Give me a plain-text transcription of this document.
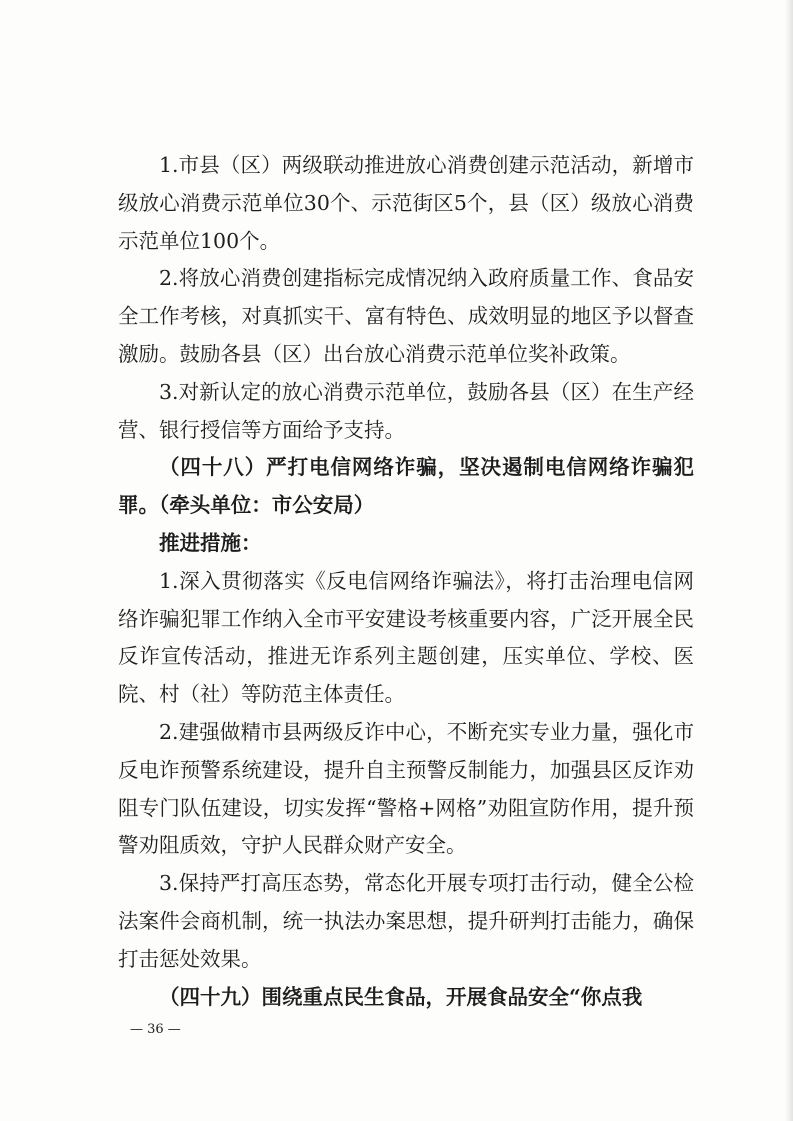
1.市县（区）两级联动推进放心消费创建示范活动，新增市级放心消费示范单位30个、示范街区5个，县（区）级放心消费示范单位100个。

2.将放心消费创建指标完成情况纳入政府质量工作、食品安全工作考核，对真抓实干、富有特色、成效明显的地区予以督查激励。鼓励各县（区）出台放心消费示范单位奖补政策。

3.对新认定的放心消费示范单位，鼓励各县（区）在生产经营、银行授信等方面给予支持。

（四十八）严打电信网络诈骗，坚决遏制电信网络诈骗犯罪。（牵头单位：市公安局）

推进措施：

1.深入贯彻落实《反电信网络诈骗法》，将打击治理电信网络诈骗犯罪工作纳入全市平安建设考核重要内容，广泛开展全民反诈宣传活动，推进无诈系列主题创建，压实单位、学校、医院、村（社）等防范主体责任。

2.建强做精市县两级反诈中心，不断充实专业力量，强化市反电诈预警系统建设，提升自主预警反制能力，加强县区反诈劝阻专门队伍建设，切实发挥“警格+网格”劝阻宣防作用，提升预警劝阻质效，守护人民群众财产安全。

3.保持严打高压态势，常态化开展专项打击行动，健全公检法案件会商机制，统一执法办案思想，提升研判打击能力，确保打击惩处效果。

（四十九）围绕重点民生食品，开展食品安全“你点我

— 36 —
